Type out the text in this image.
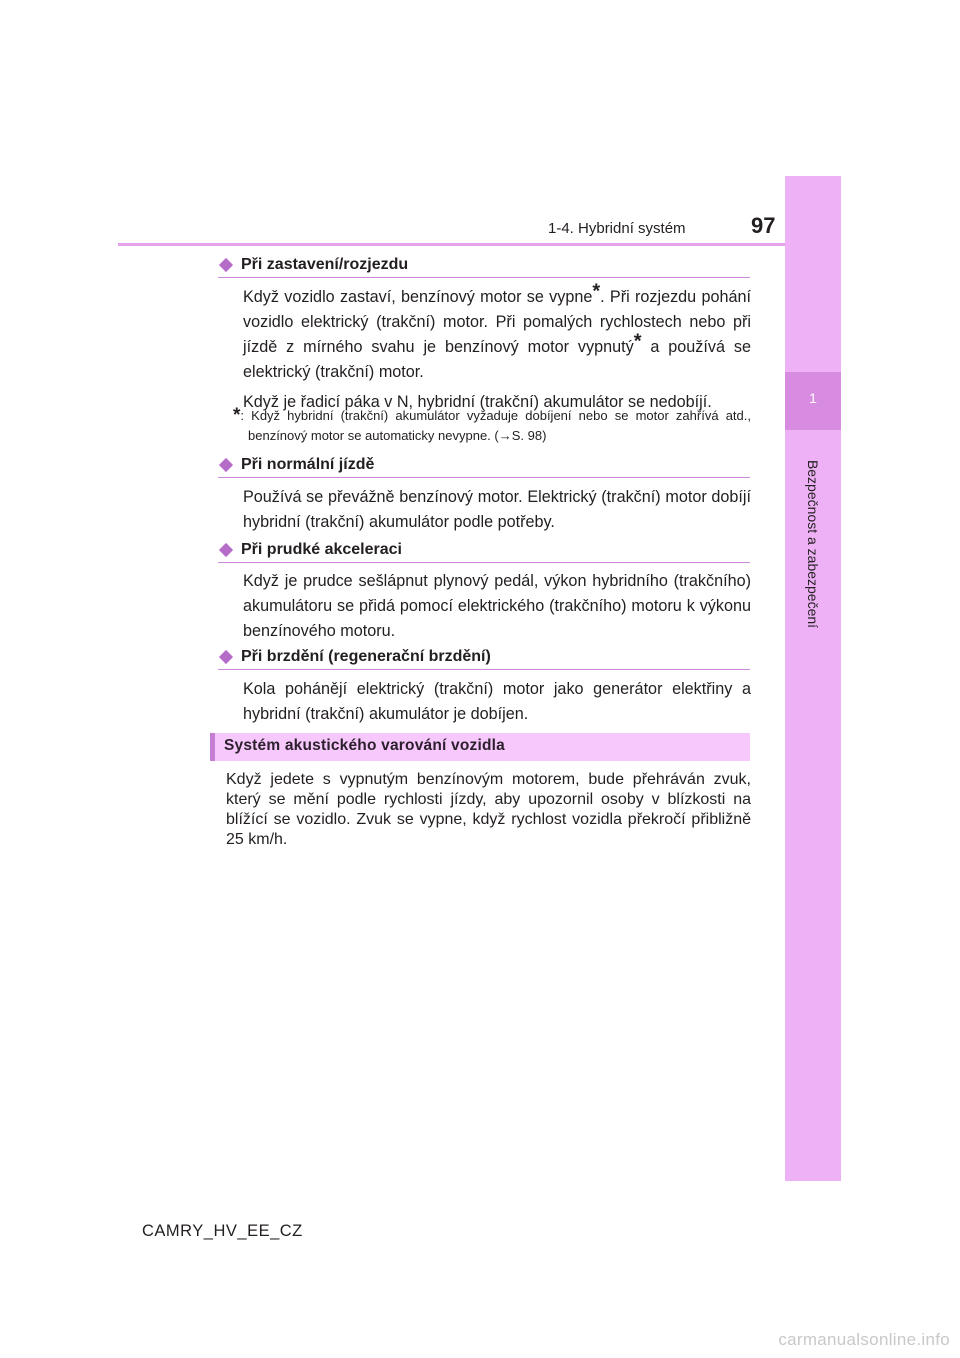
1-4. Hybridní systém	97
1
Bezpečnost a zabezpečení
Při zastavení/rozjezdu

Když vozidlo zastaví, benzínový motor se vypne*. Při rozjezdu pohání vozidlo elektrický (trakční) motor. Při pomalých rychlostech nebo při jízdě z mírného svahu je benzínový motor vypnutý* a používá se elektrický (trakční) motor.

Když je řadicí páka v N, hybridní (trakční) akumulátor se nedobíjí.

*: Když hybridní (trakční) akumulátor vyžaduje dobíjení nebo se motor zahřívá atd., benzínový motor se automaticky nevypne. (→S. 98)
Při normální jízdě

Používá se převážně benzínový motor. Elektrický (trakční) motor dobíjí hybridní (trakční) akumulátor podle potřeby.

Při prudké akceleraci

Když je prudce sešlápnut plynový pedál, výkon hybridního (trakčního) akumulátoru se přidá pomocí elektrického (trakčního) motoru k výkonu benzínového motoru.

Při brzdění (regenerační brzdění)

Kola pohánějí elektrický (trakční) motor jako generátor elektřiny a hybridní (trakční) akumulátor je dobíjen.

Systém akustického varování vozidla
Když jedete s vypnutým benzínovým motorem, bude přehráván zvuk, který se mění podle rychlosti jízdy, aby upozornil osoby v blízkosti na blížící se vozidlo. Zvuk se vypne, když rychlost vozidla překročí přibližně 25 km/h.
CAMRY_HV_EE_CZ
carmanualsonline.info
